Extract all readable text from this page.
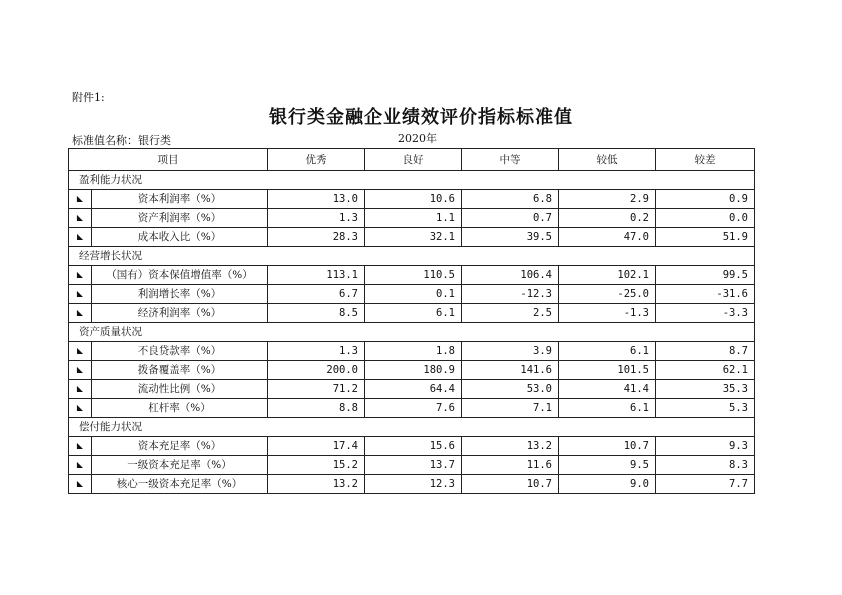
附件1:
银行类金融企业绩效评价指标标准值
标准值名称：银行类	2020年
项目	优秀	良好	中等	较低	较差
盈利能力状况					

◣ 资本利润率（%）	13.0	10.6	6.8	2.9	0.9

◣ 资产利润率（%）	1.3	1.1	0.7	0.2	0.0

◢ 成本收入比（%）	28.3	32.1	39.5	47.0	51.9
经营增长状况					

◣ （国有）资本保值增值率（%）	113.1	110.5	106.4	102.1	99.5

◣ 利润增长率（%）	6.7	0.1	-12.3	-25.0	-31.6

◣ 经济利润率（%）	8.5	6.1	2.5	-1.3	-3.3
资产质量状况					

◢ 不良贷款率（%）	1.3	1.8	3.9	6.1	8.7

◣ 拨备覆盖率（%）	200.0	180.9	141.6	101.5	62.1

◣ 流动性比例（%）	71.2	64.4	53.0	41.4	35.3

◣ 杠杆率（%）	8.8	7.6	7.1	6.1	5.3
偿付能力状况					

◣ 资本充足率（%）	17.4	15.6	13.2	10.7	9.3

◣ 一级资本充足率（%）	15.2	13.7	11.6	9.5	8.3

◣ 核心一级资本充足率（%）	13.2	12.3	10.7	9.0	7.7
